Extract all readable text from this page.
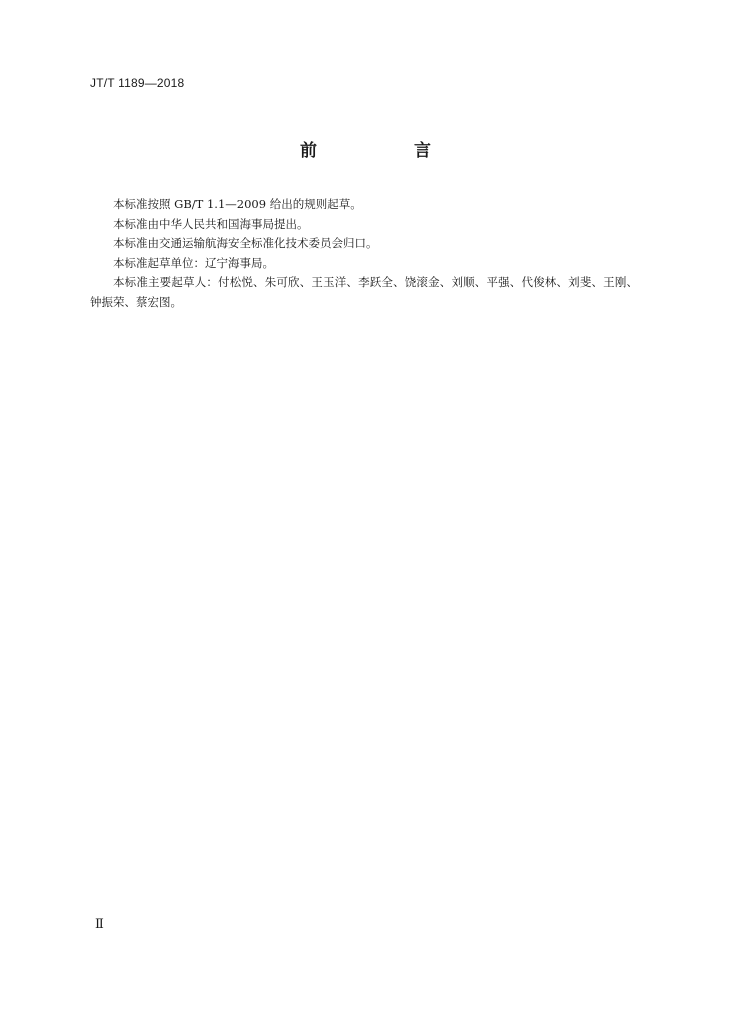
JT/T 1189—2018
前　言

本标准按照 GB/T 1.1—2009 给出的规则起草。

本标准由中华人民共和国海事局提出。

本标准由交通运输航海安全标准化技术委员会归口。

本标准起草单位：辽宁海事局。

本标准主要起草人：付松悦、朱可欣、王玉洋、李跃全、饶滚金、刘顺、平强、代俊林、刘斐、王刚、钟振荣、蔡宏图。

Ⅱ
